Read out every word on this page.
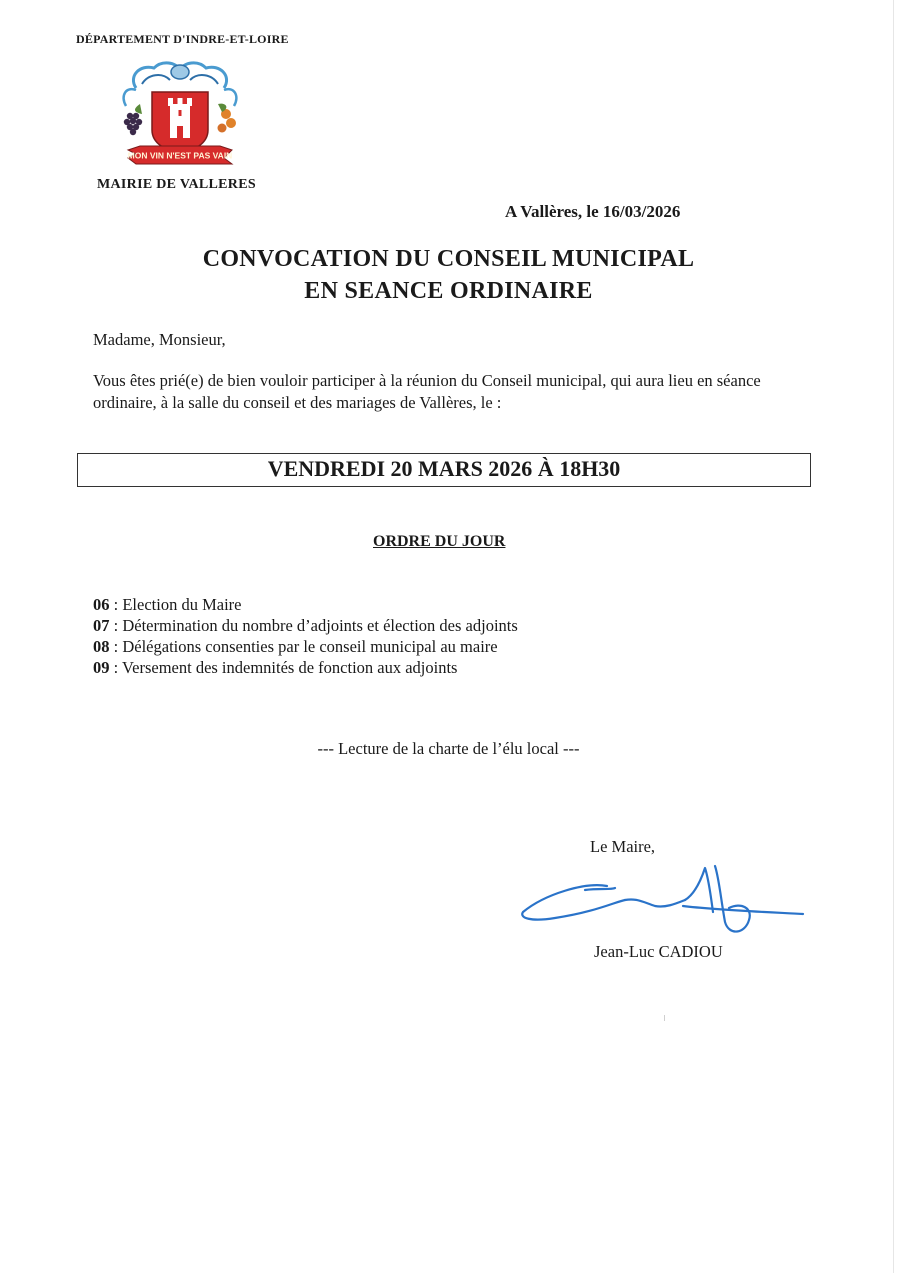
DÉPARTEMENT D'INDRE-ET-LOIRE
MON VIN N'EST PAS VAIN
MAIRIE DE VALLERES
A Vallères, le 16/03/2026
CONVOCATION DU CONSEIL MUNICIPAL
EN SEANCE ORDINAIRE
Madame, Monsieur,
Vous êtes prié(e) de bien vouloir participer à la réunion du Conseil municipal, qui aura lieu en séance ordinaire, à la salle du conseil et des mariages de Vallères, le :
VENDREDI 20 MARS 2026 À 18H30
ORDRE DU JOUR
06 : Election du Maire
07 : Détermination du nombre d’adjoints et élection des adjoints
08 : Délégations consenties par le conseil municipal au maire
09 : Versement des indemnités de fonction aux adjoints
--- Lecture de la charte de l’élu local ---
Le Maire,
Jean-Luc CADIOU
